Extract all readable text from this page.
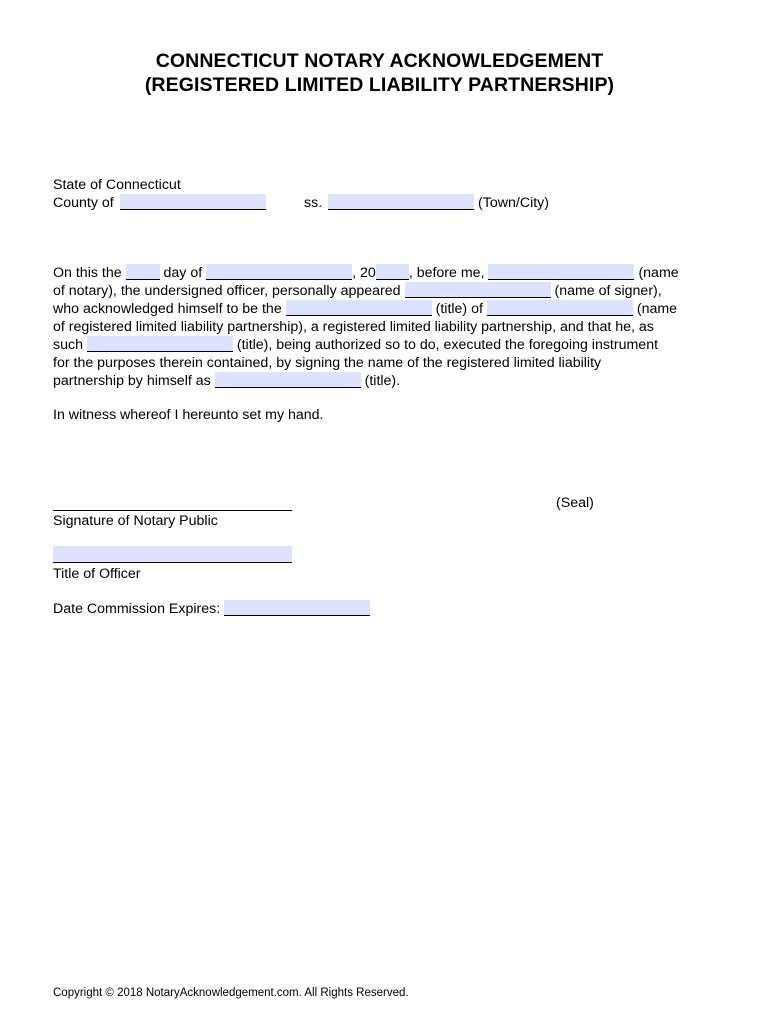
CONNECTICUT NOTARY ACKNOWLEDGEMENT
(REGISTERED LIMITED LIABILITY PARTNERSHIP)
State of Connecticut
County of	ss.	(Town/City)
On this the	day of	, 20 , before me,	(name
of notary), the undersigned officer, personally appeared	(name of signer),
who acknowledged himself to be the	(title) of	(name
of registered limited liability partnership), a registered limited liability partnership, and that he, as
such	(title), being authorized so to do, executed the foregoing instrument
for the purposes therein contained, by signing the name of the registered limited liability
partnership by himself as	(title).
In witness whereof I hereunto set my hand.
(Seal)
Signature of Notary Public
Title of Officer
Date Commission Expires:
Copyright © 2018 NotaryAcknowledgement.com. All Rights Reserved.
